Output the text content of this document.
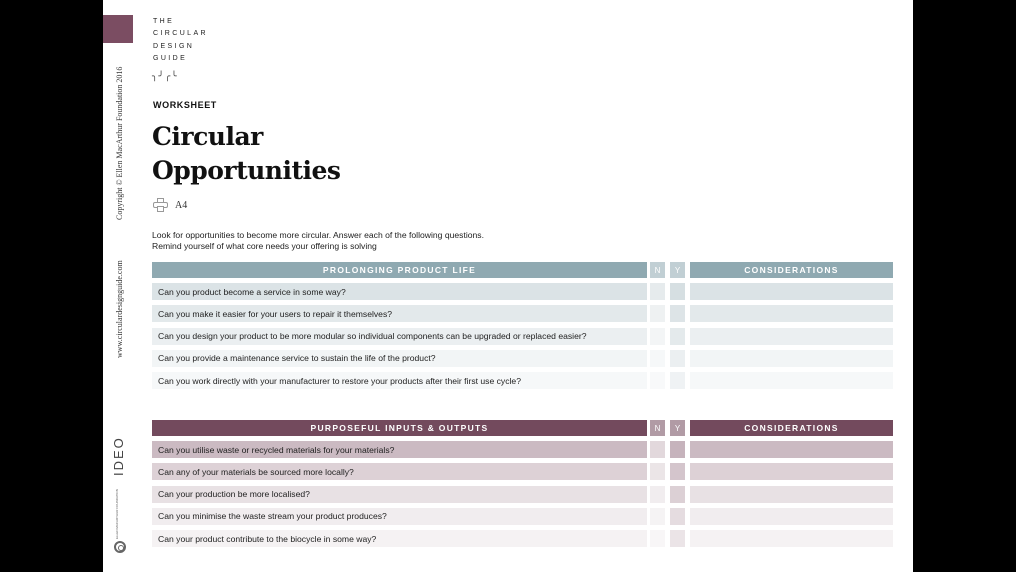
Copyright © Ellen MacArthur Foundation 2016
www.circulardesignguide.com
IDEO
ELLEN MACARTHUR FOUNDATION
THE
CIRCULAR
DESIGN
GUIDE
╮╯╭╰
WORKSHEET
Circular
Opportunities
A4
Look for opportunities to become more circular. Answer each of the following questions.
Remind yourself of what core needs your offering is solving
PROLONGING PRODUCT LIFE	N	Y	CONSIDERATIONS
Can you product become a service in some way?
Can you make it easier for your users to repair it themselves?
Can you design your product to be more modular so individual components can be upgraded or replaced easier?
Can you provide a maintenance service to sustain the life of the product?
Can you work directly with your manufacturer to restore your products after their first use cycle?
PURPOSEFUL INPUTS & OUTPUTS	N	Y	CONSIDERATIONS
Can you utilise waste or recycled materials for your materials?
Can any of your materials be sourced more locally?
Can your production be more localised?
Can you minimise the waste stream your product produces?
Can your product contribute to the biocycle in some way?
